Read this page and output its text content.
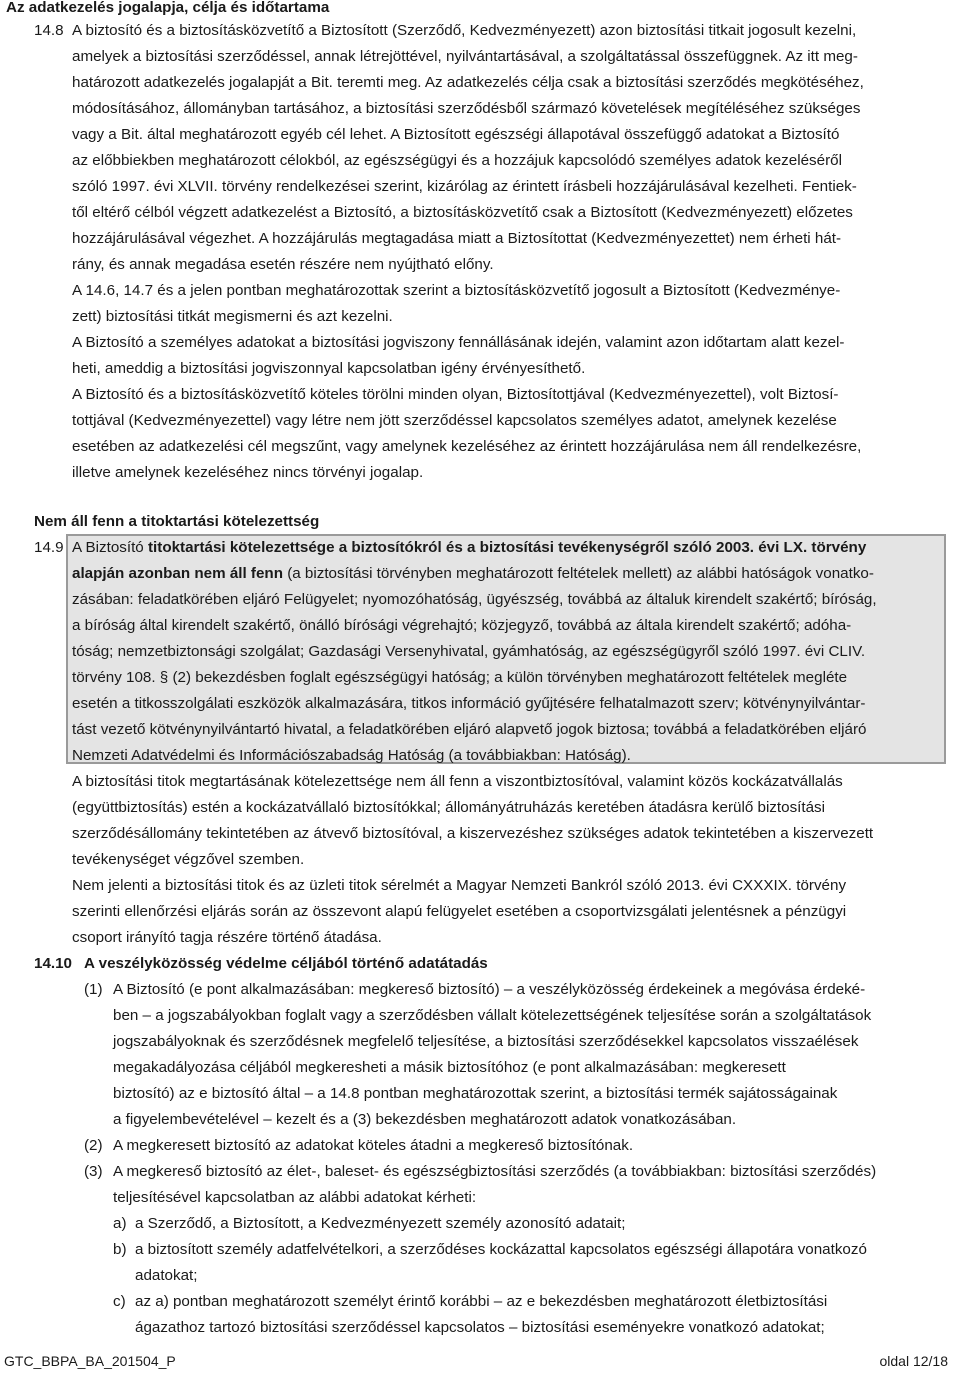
Az adatkezelés jogalapja, célja és időtartama
14.8 A biztosító és a biztosításközvetítő a Biztosított (Szerződő, Kedvezményezett) azon biztosítási titkait jogosult kezelni,
amelyek a biztosítási szerződéssel, annak létrejöttével, nyilvántartásával, a szolgáltatással összefüggnek. Az itt meg-
határozott adatkezelés jogalapját a Bit. teremti meg. Az adatkezelés célja csak a biztosítási szerződés megkötéséhez,
módosításához, állományban tartásához, a biztosítási szerződésből származó követelések megítéléséhez szükséges
vagy a Bit. által meghatározott egyéb cél lehet. A Biztosított egészségi állapotával összefüggő adatokat a Biztosító
az előbbiekben meghatározott célokból, az egészségügyi és a hozzájuk kapcsolódó személyes adatok kezeléséről
szóló 1997. évi XLVII. törvény rendelkezései szerint, kizárólag az érintett írásbeli hozzájárulásával kezelheti. Fentiek-
től eltérő célból végzett adatkezelést a Biztosító, a biztosításközvetítő csak a Biztosított (Kedvezményezett) előzetes
hozzájárulásával végezhet. A hozzájárulás megtagadása miatt a Biztosítottat (Kedvezményezettet) nem érheti hát-
rány, és annak megadása esetén részére nem nyújtható előny.
A 14.6, 14.7 és a jelen pontban meghatározottak szerint a biztosításközvetítő jogosult a Biztosított (Kedvezménye-
zett) biztosítási titkát megismerni és azt kezelni.
A Biztosító a személyes adatokat a biztosítási jogviszony fennállásának idején, valamint azon időtartam alatt kezel-
heti, ameddig a biztosítási jogviszonnyal kapcsolatban igény érvényesíthető.
A Biztosító és a biztosításközvetítő köteles törölni minden olyan, Biztosítottjával (Kedvezményezettel), volt Biztosí-
tottjával (Kedvezményezettel) vagy létre nem jött szerződéssel kapcsolatos személyes adatot, amelynek kezelése
esetében az adatkezelési cél megszűnt, vagy amelynek kezeléséhez az érintett hozzájárulása nem áll rendelkezésre,
illetve amelynek kezeléséhez nincs törvényi jogalap.
Nem áll fenn a titoktartási kötelezettség
14.9 A Biztosító titoktartási kötelezettsége a biztosítókról és a biztosítási tevékenységről szóló 2003. évi LX. törvény
alapján azonban nem áll fenn (a biztosítási törvényben meghatározott feltételek mellett) az alábbi hatóságok vonatko-
zásában: feladatkörében eljáró Felügyelet; nyomozóhatóság, ügyészség, továbbá az általuk kirendelt szakértő; bíróság,
a bíróság által kirendelt szakértő, önálló bírósági végrehajtó; közjegyző, továbbá az általa kirendelt szakértő; adóha-
tóság; nemzetbiztonsági szolgálat; Gazdasági Versenyhivatal, gyámhatóság, az egészségügyről szóló 1997. évi CLIV.
törvény 108. § (2) bekezdésben foglalt egészségügyi hatóság; a külön törvényben meghatározott feltételek megléte
esetén a titkosszolgálati eszközök alkalmazására, titkos információ gyűjtésére felhatalmazott szerv; kötvénynyilvántar-
tást vezető kötvénynyilvántartó hivatal, a feladatkörében eljáró alapvető jogok biztosa; továbbá a feladatkörében eljáró
Nemzeti Adatvédelmi és Információszabadság Hatóság (a továbbiakban: Hatóság).
A biztosítási titok megtartásának kötelezettsége nem áll fenn a viszontbiztosítóval, valamint közös kockázatvállalás
(együttbiztosítás) estén a kockázatvállaló biztosítókkal; állományátruházás keretében átadásra kerülő biztosítási
szerződésállomány tekintetében az átvevő biztosítóval, a kiszervezéshez szükséges adatok tekintetében a kiszervezett
tevékenységet végzővel szemben.
Nem jelenti a biztosítási titok és az üzleti titok sérelmét a Magyar Nemzeti Bankról szóló 2013. évi CXXXIX. törvény
szerinti ellenőrzési eljárás során az összevont alapú felügyelet esetében a csoportvizsgálati jelentésnek a pénzügyi
csoport irányító tagja részére történő átadása.
14.10 A veszélyközösség védelme céljából történő adatátadás
(1) A Biztosító (e pont alkalmazásában: megkereső biztosító) – a veszélyközösség érdekeinek a megóvása érdeké-
ben – a jogszabályokban foglalt vagy a szerződésben vállalt kötelezettségének teljesítése során a szolgáltatások
jogszabályoknak és szerződésnek megfelelő teljesítése, a biztosítási szerződésekkel kapcsolatos visszaélések
megakadályozása céljából megkeresheti a másik biztosítóhoz (e pont alkalmazásában: megkeresett
biztosító) az e biztosító által – a 14.8 pontban meghatározottak szerint, a biztosítási termék sajátosságainak
a figyelembevételével – kezelt és a (3) bekezdésben meghatározott adatok vonatkozásában.
(2) A megkeresett biztosító az adatokat köteles átadni a megkereső biztosítónak.
(3) A megkereső biztosító az élet-, baleset- és egészségbiztosítási szerződés (a továbbiakban: biztosítási szerződés)
teljesítésével kapcsolatban az alábbi adatokat kérheti:
a) a Szerződő, a Biztosított, a Kedvezményezett személy azonosító adatait;
b) a biztosított személy adatfelvételkori, a szerződéses kockázattal kapcsolatos egészségi állapotára vonatkozó
adatokat;
c) az a) pontban meghatározott személyt érintő korábbi – az e bekezdésben meghatározott életbiztosítási
ágazathoz tartozó biztosítási szerződéssel kapcsolatos – biztosítási eseményekre vonatkozó adatokat;
GTC_BBPA_BA_201504_P	oldal 12/18
